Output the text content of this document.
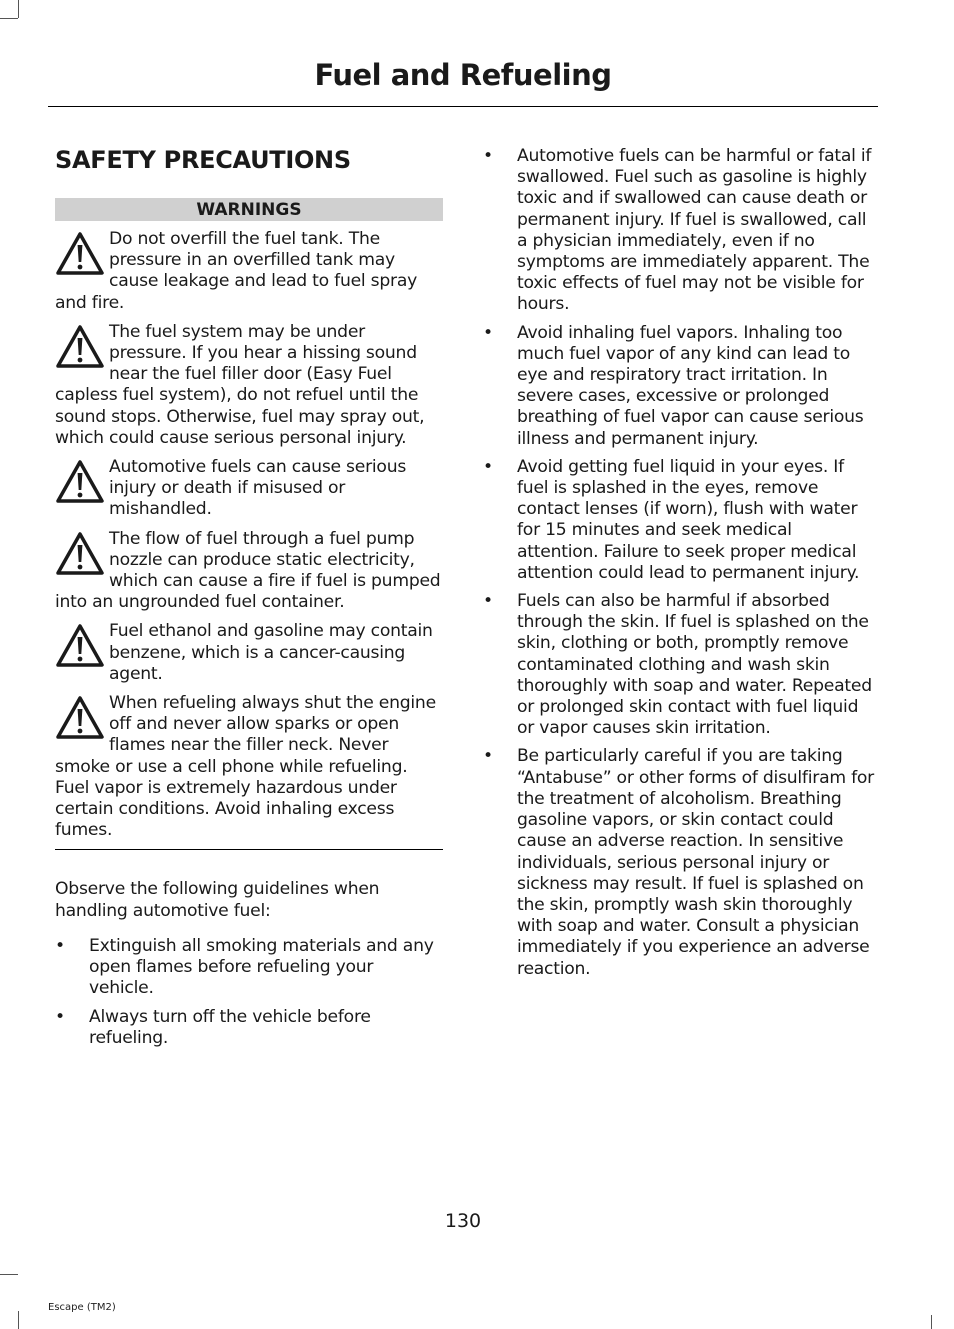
Fuel and Refueling
SAFETY PRECAUTIONS
WARNINGS
Do not overfill the fuel tank. The pressure in an overfilled tank may cause leakage and lead to fuel spray and fire.
The fuel system may be under pressure. If you hear a hissing sound near the fuel filler door (Easy Fuel capless fuel system), do not refuel until the sound stops. Otherwise, fuel may spray out, which could cause serious personal injury.
Automotive fuels can cause serious injury or death if misused or mishandled.
The flow of fuel through a fuel pump nozzle can produce static electricity, which can cause a fire if fuel is pumped into an ungrounded fuel container.
Fuel ethanol and gasoline may contain benzene, which is a cancer-causing agent.
When refueling always shut the engine off and never allow sparks or open flames near the filler neck. Never smoke or use a cell phone while refueling. Fuel vapor is extremely hazardous under certain conditions. Avoid inhaling excess fumes.

Observe the following guidelines when handling automotive fuel:

• Extinguish all smoking materials and any open flames before refueling your vehicle.
• Always turn off the vehicle before refueling.
• Automotive fuels can be harmful or fatal if swallowed. Fuel such as gasoline is highly toxic and if swallowed can cause death or permanent injury. If fuel is swallowed, call a physician immediately, even if no symptoms are immediately apparent. The toxic effects of fuel may not be visible for hours.
• Avoid inhaling fuel vapors. Inhaling too much fuel vapor of any kind can lead to eye and respiratory tract irritation. In severe cases, excessive or prolonged breathing of fuel vapor can cause serious illness and permanent injury.
• Avoid getting fuel liquid in your eyes. If fuel is splashed in the eyes, remove contact lenses (if worn), flush with water for 15 minutes and seek medical attention. Failure to seek proper medical attention could lead to permanent injury.
• Fuels can also be harmful if absorbed through the skin. If fuel is splashed on the skin, clothing or both, promptly remove contaminated clothing and wash skin thoroughly with soap and water. Repeated or prolonged skin contact with fuel liquid or vapor causes skin irritation.
• Be particularly careful if you are taking “Antabuse” or other forms of disulfiram for the treatment of alcoholism. Breathing gasoline vapors, or skin contact could cause an adverse reaction. In sensitive individuals, serious personal injury or sickness may result. If fuel is splashed on the skin, promptly wash skin thoroughly with soap and water. Consult a physician immediately if you experience an adverse reaction.
130
Escape (TM2)
